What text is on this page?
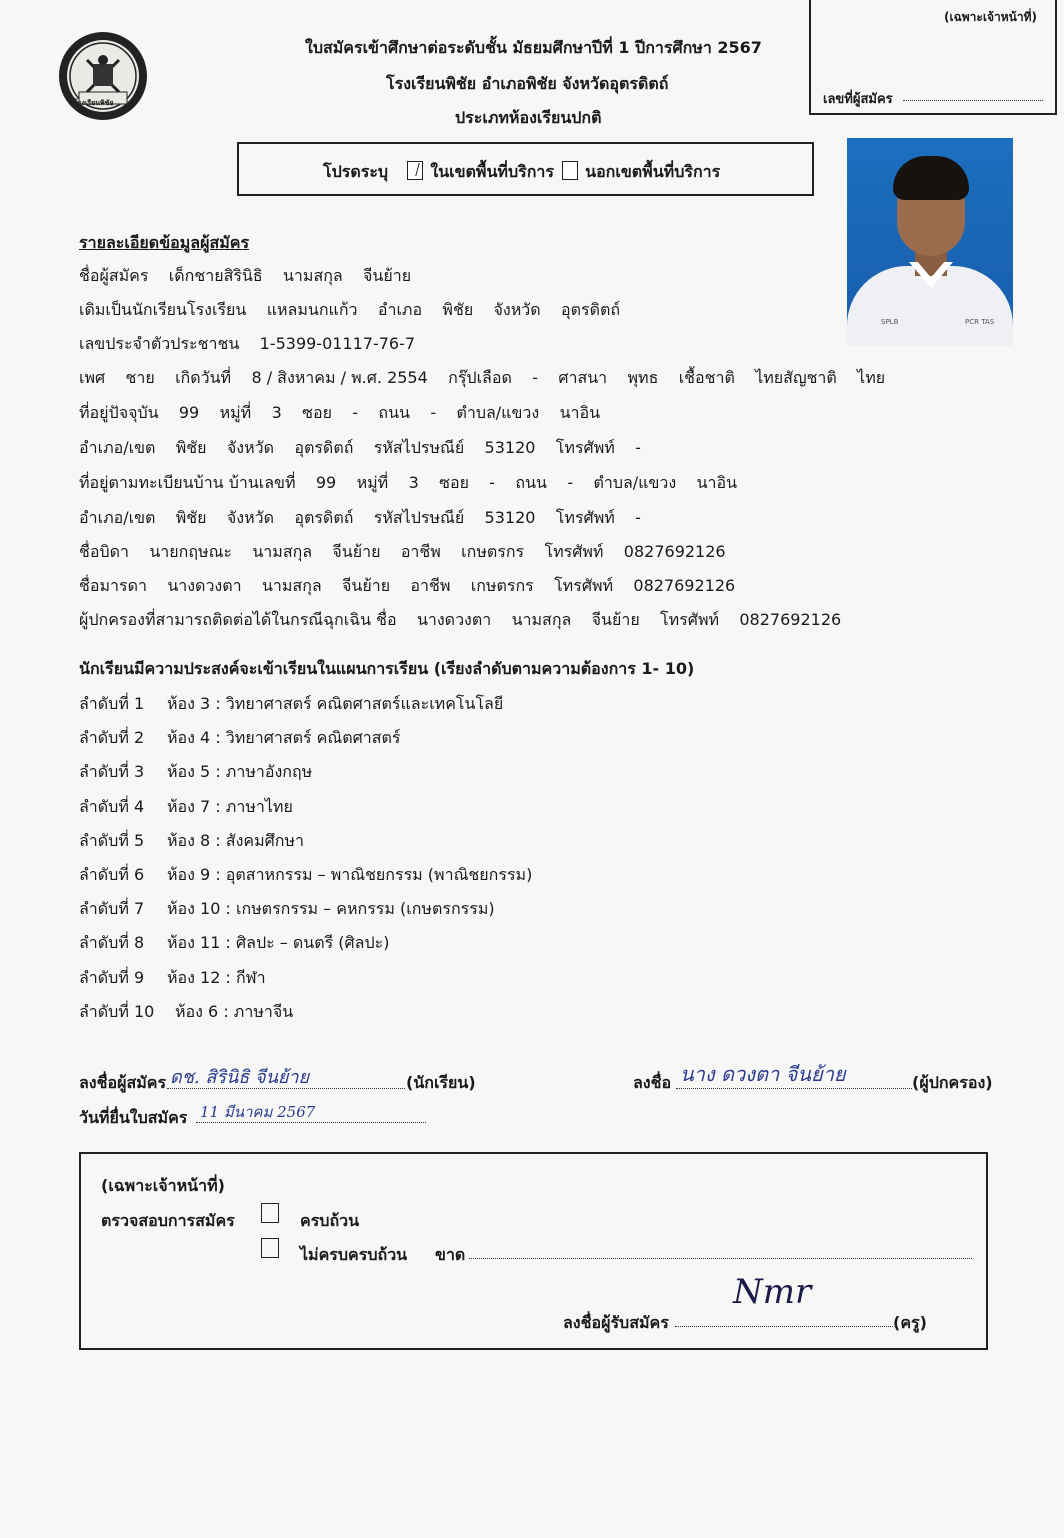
(เฉพาะเจ้าหน้าที่)
เลขที่ผู้สมัคร
โรงเรียนพิชัย
ใบสมัครเข้าศึกษาต่อระดับชั้น มัธยมศึกษาปีที่ 1 ปีการศึกษา 2567
โรงเรียนพิชัย อำเภอพิชัย จังหวัดอุตรดิตถ์
ประเภทห้องเรียนปกติ
โปรดระบุ	ในเขตพื้นที่บริการ นอกเขตพื้นที่บริการ
SPLB	PCR TAS
รายละเอียดข้อมูลผู้สมัคร
ชื่อผู้สมัคร เด็กชายสิรินิธิ นามสกุล จีนย้าย
เดิมเป็นนักเรียนโรงเรียน แหลมนกแก้ว อำเภอ พิชัย จังหวัด อุตรดิตถ์
เลขประจำตัวประชาชน 1-5399-01117-76-7
เพศ ชาย เกิดวันที่ 8 / สิงหาคม / พ.ศ. 2554 กรุ๊ปเลือด - ศาสนา พุทธ เชื้อชาติ ไทยสัญชาติ ไทย
ที่อยู่ปัจจุบัน 99 หมู่ที่ 3 ซอย - ถนน - ตำบล/แขวง นาอิน
อำเภอ/เขต พิชัย จังหวัด อุตรดิตถ์ รหัสไปรษณีย์ 53120 โทรศัพท์ -
ที่อยู่ตามทะเบียนบ้าน บ้านเลขที่ 99 หมู่ที่ 3 ซอย - ถนน - ตำบล/แขวง นาอิน
อำเภอ/เขต พิชัย จังหวัด อุตรดิตถ์ รหัสไปรษณีย์ 53120 โทรศัพท์ -
ชื่อบิดา นายกฤษณะ นามสกุล จีนย้าย อาชีพ เกษตรกร โทรศัพท์ 0827692126
ชื่อมารดา นางดวงตา นามสกุล จีนย้าย อาชีพ เกษตรกร โทรศัพท์ 0827692126
ผู้ปกครองที่สามารถติดต่อได้ในกรณีฉุกเฉิน ชื่อ นางดวงตา นามสกุล จีนย้าย โทรศัพท์ 0827692126
นักเรียนมีความประสงค์จะเข้าเรียนในแผนการเรียน (เรียงลำดับตามความต้องการ 1- 10)
ลำดับที่ 1 ห้อง 3 : วิทยาศาสตร์ คณิตศาสตร์และเทคโนโลยี
ลำดับที่ 2 ห้อง 4 : วิทยาศาสตร์ คณิตศาสตร์
ลำดับที่ 3 ห้อง 5 : ภาษาอังกฤษ
ลำดับที่ 4 ห้อง 7 : ภาษาไทย
ลำดับที่ 5 ห้อง 8 : สังคมศึกษา
ลำดับที่ 6 ห้อง 9 : อุตสาหกรรม – พาณิชยกรรม (พาณิชยกรรม)
ลำดับที่ 7 ห้อง 10 : เกษตรกรรม – คหกรรม (เกษตรกรรม)
ลำดับที่ 8 ห้อง 11 : ศิลปะ – ดนตรี (ศิลปะ)
ลำดับที่ 9 ห้อง 12 : กีฬา
ลำดับที่ 10 ห้อง 6 : ภาษาจีน
ลงชื่อผู้สมัคร ดช. สิรินิธิ จีนย้าย	(นักเรียน)	ลงชื่อ นาง ดวงตา จีนย้าย	(ผู้ปกครอง)
วันที่ยื่นใบสมัคร 11 มีนาคม 2567
(เฉพาะเจ้าหน้าที่)
ตรวจสอบการสมัคร	ครบถ้วน
ไม่ครบครบถ้วน ขาด
ลงชื่อผู้รับสมัคร
Nmr
(ครู)
